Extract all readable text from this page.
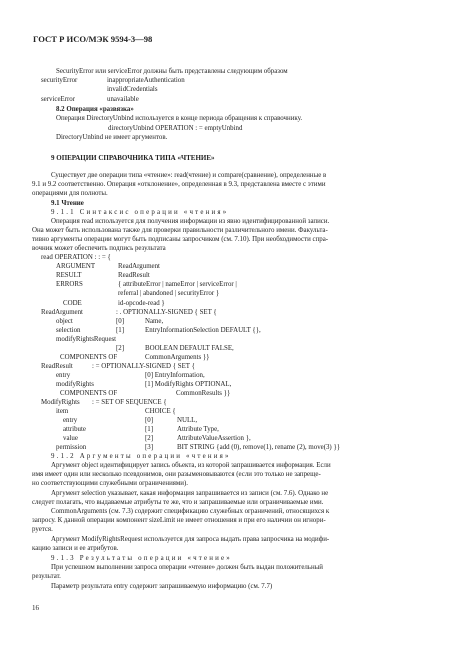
ГОСТ Р ИСО/МЭК 9594-3—98
SecurityError или serviceError должны быть представлены следующим образом
securityError	inappropriateAuthentication
invalidCredentials
serviceError	unavailable
8.2 Операция «развязка»
Операция DirectoryUnbind используется в конце периода обращения к справочнику.
directoryUnbind OPERATION : = emptyUnbind
DirectoryUnbind не имеет аргументов.
9 ОПЕРАЦИИ СПРАВОЧНИКА ТИПА «ЧТЕНИЕ»
Существует две операции типа «чтение»: read(чтение) и compare(сравнение), определенные в
9.1 и 9.2 соответственно. Операция «отклонение», определенная в 9.3, представлена вместе с этими
операциями для полноты.
9.1 Чтение
9.1.1 Синтаксис операции «чтения»
Операция read используется для получения информации из явно идентифицированной записи.
Она может быть использована также для проверки правильности различительного имени. Факульта-
тивно аргументы операции могут быть подписаны запросчиком (см. 7.10). При необходимости спра-
вочник может обеспечить подпись результата
read OPERATION : : = {
ARGUMENT	ReadArgument
RESULT	ReadResult
ERRORS	{ attributeError | nameError | serviceError |
referral | abandoned | securityError }
CODE	id-opcode-read }
ReadArgument	: . OPTIONALLY-SIGNED { SET {
object	[0]	Name,
selection	[1]	EntryInformationSelection DEFAULT {},
modifyRightsRequest
[2]	BOOLEAN DEFAULT FALSE,
COMPONENTS OF	CommonArguments }}
ReadResult	: = OPTIONALLY-SIGNED { SET {
entry	[0] EntryInformation,
modifyRights	[1] ModifyRights OPTIONAL,
COMPONENTS OF	CommonResults }}
ModifyRights : = SET OF SEQUENCE {
item	CHOICE {
entry	[0]	NULL,
attribute	[1]	Attribute Type,
value	[2]	AttributeValueAssertion },
permission	[3]	BIT STRING {add (0), remove(1), rename (2), move(3) }}
9.1.2 Аргументы операции «чтения»
Аргумент object идентифицирует запись объекта, из которой запрашивается информация. Если
имя имеет один или несколько псевдонимов, они разыменовываются (если это только не запреще-
но соответствующими служебными ограничениями).
Аргумент selection указывает, какая информация запрашивается из записи (см. 7.6). Однако не
следует полагать, что выдаваемые атрибуты те же, что и запрашиваемые или ограничиваемые ими.
CommonArguments (см. 7.3) содержит спецификацию служебных ограничений, относящихся к
запросу. К данной операции компонент sizeLimit не имеет отношения и при его наличии он игнори-
руется.
Аргумент ModifyRightsRequest используется для запроса выдать права запросчика на модифи-
кацию записи и ее атрибутов.
9.1.3 Результаты операции «чтение»
При успешном выполнении запроса операции «чтение» должен быть выдан положительный
результат.
Параметр результата entry содержит запрашиваемую информацию (см. 7.7)
16
